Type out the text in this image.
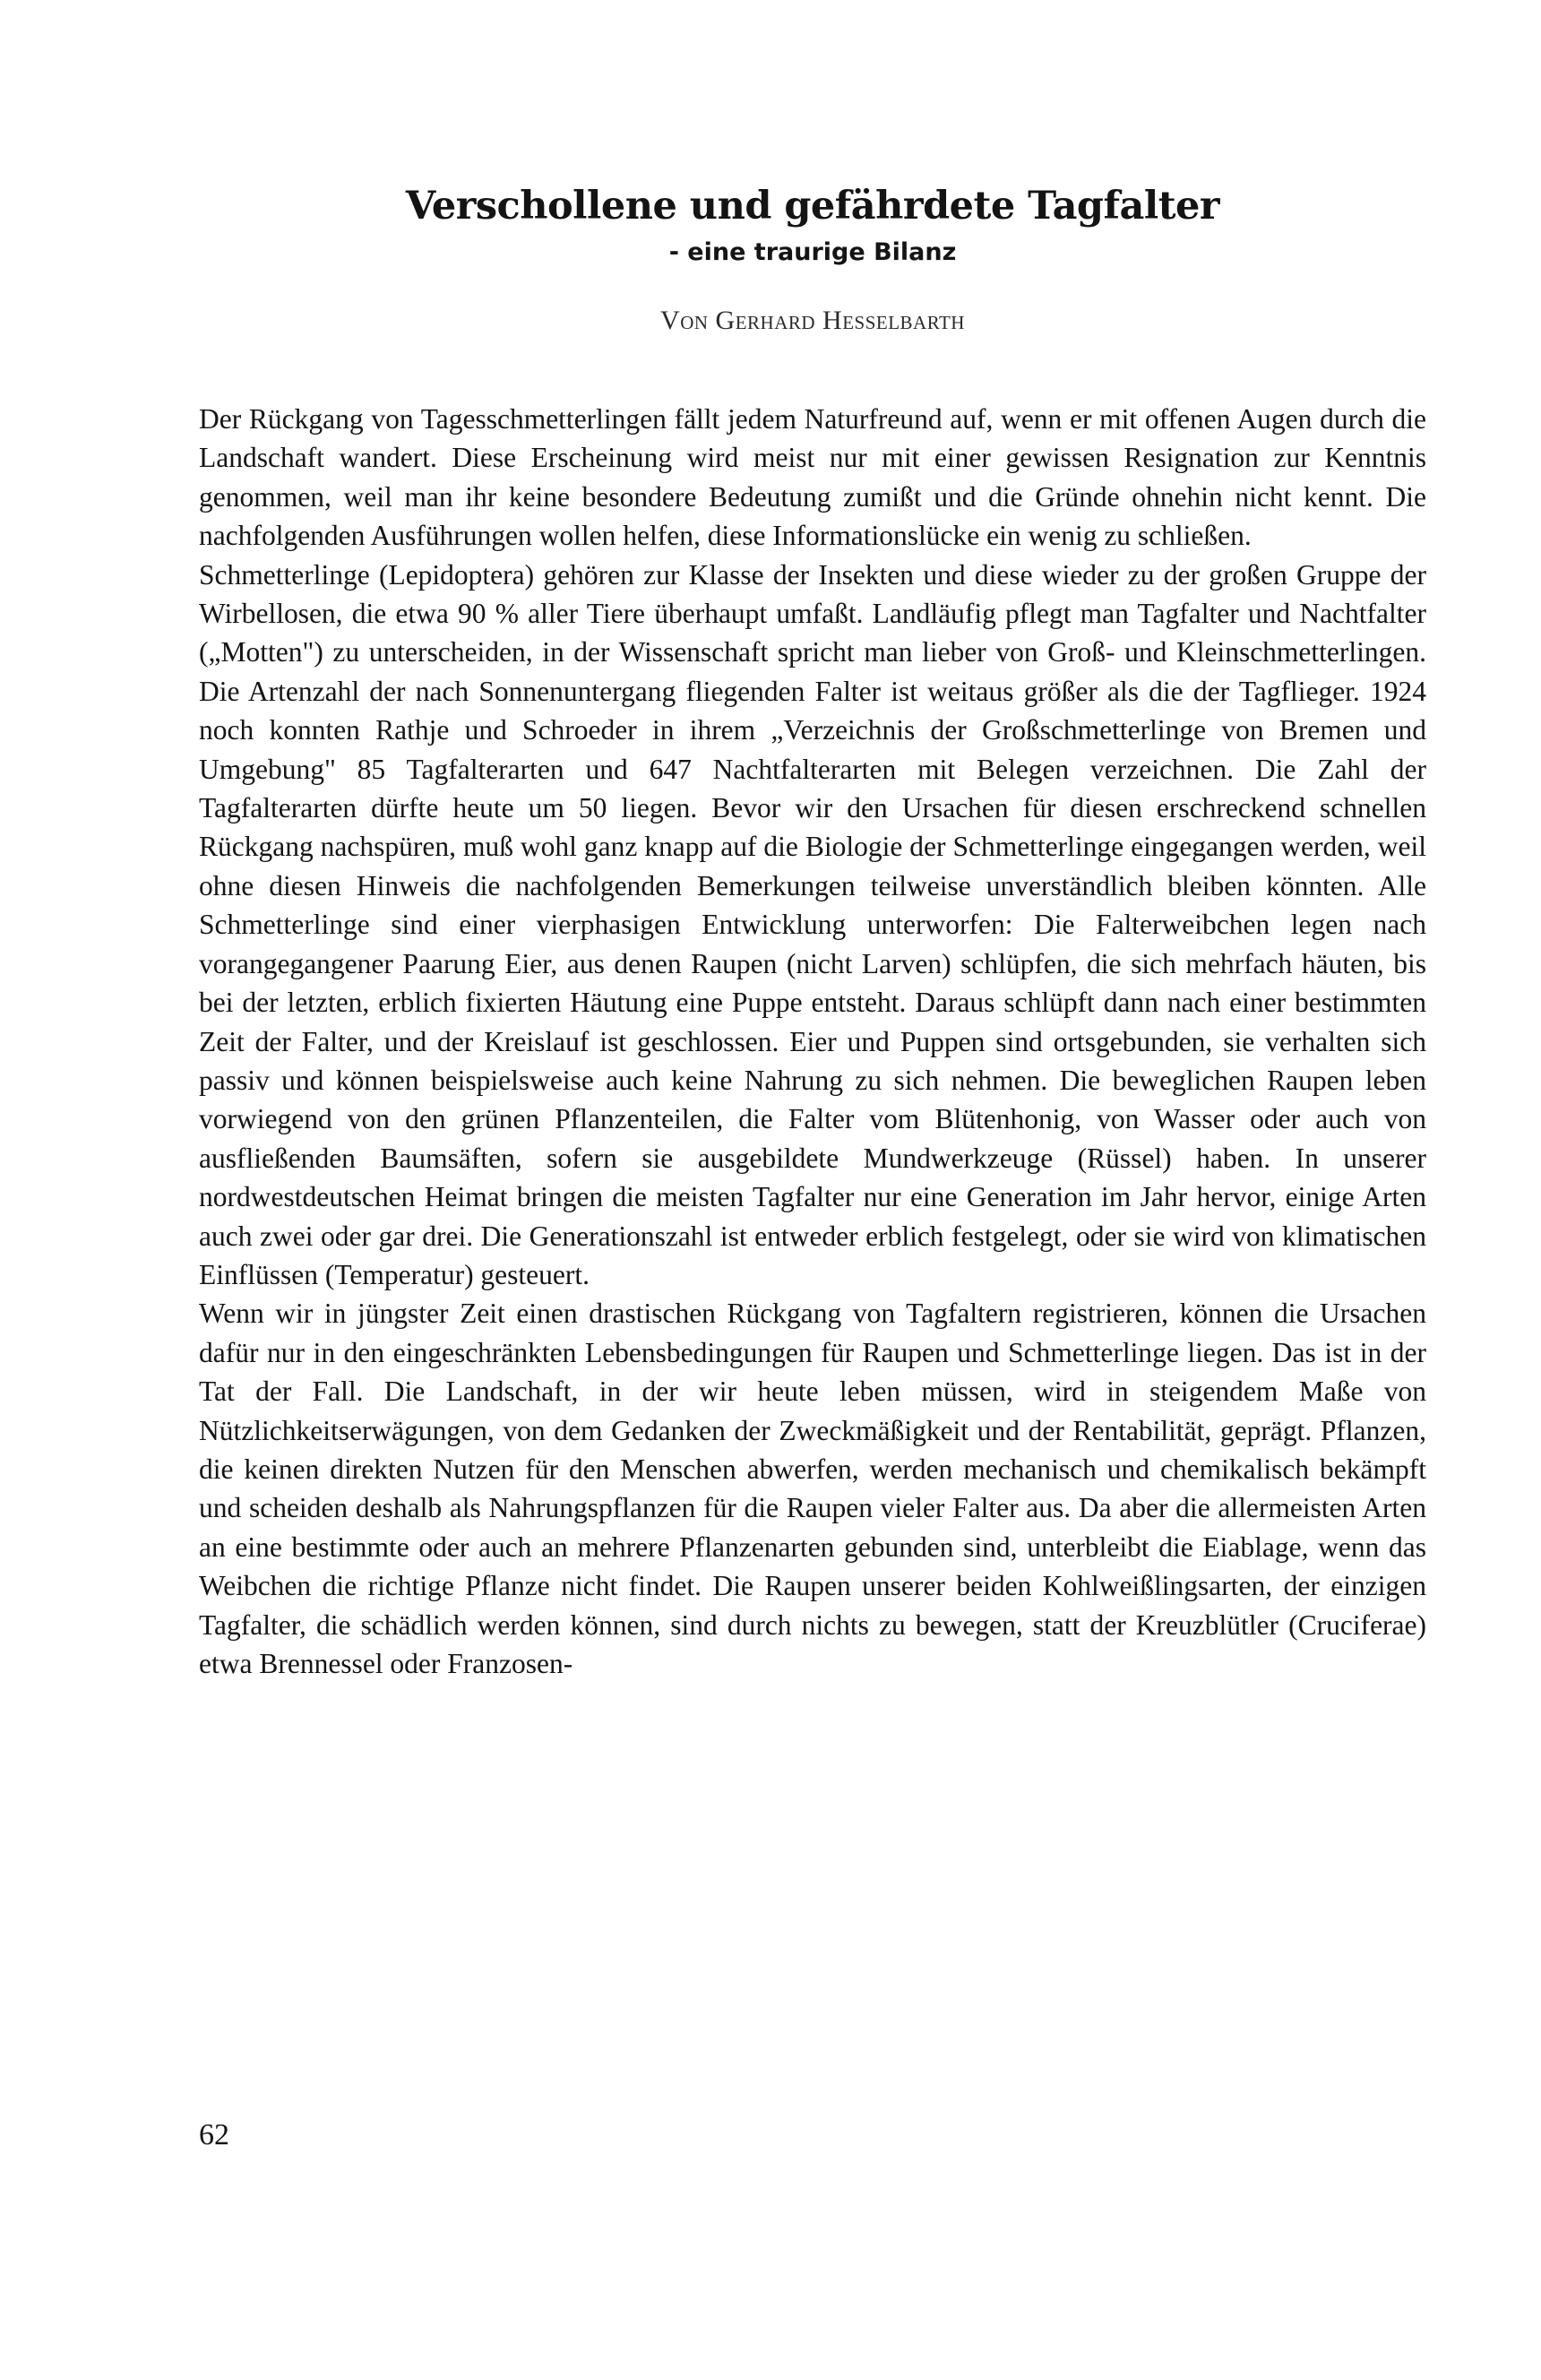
Verschollene und gefährdete Tagfalter
- eine traurige Bilanz
Von Gerhard Hesselbarth

Der Rückgang von Tagesschmetterlingen fällt jedem Naturfreund auf, wenn er mit offenen Augen durch die Landschaft wandert. Diese Erscheinung wird meist nur mit einer gewissen Resignation zur Kenntnis genommen, weil man ihr keine besondere Bedeutung zumißt und die Gründe ohnehin nicht kennt. Die nachfolgenden Ausführungen wollen helfen, diese Informationslücke ein wenig zu schließen.

Schmetterlinge (Lepidoptera) gehören zur Klasse der Insekten und diese wieder zu der großen Gruppe der Wirbellosen, die etwa 90 % aller Tiere überhaupt umfaßt. Landläufig pflegt man Tagfalter und Nachtfalter („Motten") zu unterscheiden, in der Wissenschaft spricht man lieber von Groß- und Kleinschmetterlingen. Die Artenzahl der nach Sonnenuntergang fliegenden Falter ist weitaus größer als die der Tagflieger. 1924 noch konnten Rathje und Schroeder in ihrem „Verzeichnis der Großschmetterlinge von Bremen und Umgebung" 85 Tagfalterarten und 647 Nachtfalterarten mit Belegen verzeichnen. Die Zahl der Tagfalterarten dürfte heute um 50 liegen. Bevor wir den Ursachen für diesen erschreckend schnellen Rückgang nachspüren, muß wohl ganz knapp auf die Biologie der Schmetterlinge eingegangen werden, weil ohne diesen Hinweis die nachfolgenden Bemerkungen teilweise unverständlich bleiben könnten. Alle Schmetterlinge sind einer vierphasigen Entwicklung unterworfen: Die Falterweibchen legen nach vorangegangener Paarung Eier, aus denen Raupen (nicht Larven) schlüpfen, die sich mehrfach häuten, bis bei der letzten, erblich fixierten Häutung eine Puppe entsteht. Daraus schlüpft dann nach einer bestimmten Zeit der Falter, und der Kreislauf ist geschlossen. Eier und Puppen sind ortsgebunden, sie verhalten sich passiv und können beispielsweise auch keine Nahrung zu sich nehmen. Die beweglichen Raupen leben vorwiegend von den grünen Pflanzenteilen, die Falter vom Blütenhonig, von Wasser oder auch von ausfließenden Baumsäften, sofern sie ausgebildete Mundwerkzeuge (Rüssel) haben. In unserer nordwestdeutschen Heimat bringen die meisten Tagfalter nur eine Generation im Jahr hervor, einige Arten auch zwei oder gar drei. Die Generationszahl ist entweder erblich festgelegt, oder sie wird von klimatischen Einflüssen (Temperatur) gesteuert.

Wenn wir in jüngster Zeit einen drastischen Rückgang von Tagfaltern registrieren, können die Ursachen dafür nur in den eingeschränkten Lebensbedingungen für Raupen und Schmetterlinge liegen. Das ist in der Tat der Fall. Die Landschaft, in der wir heute leben müssen, wird in steigendem Maße von Nützlichkeitserwägungen, von dem Gedanken der Zweckmäßigkeit und der Rentabilität, geprägt. Pflanzen, die keinen direkten Nutzen für den Menschen abwerfen, werden mechanisch und chemikalisch bekämpft und scheiden deshalb als Nahrungspflanzen für die Raupen vieler Falter aus. Da aber die allermeisten Arten an eine bestimmte oder auch an mehrere Pflanzenarten gebunden sind, unterbleibt die Eiablage, wenn das Weibchen die richtige Pflanze nicht findet. Die Raupen unserer beiden Kohlweißlingsarten, der einzigen Tagfalter, die schädlich werden können, sind durch nichts zu bewegen, statt der Kreuzblütler (Cruciferae) etwa Brennessel oder Franzosen-

62
